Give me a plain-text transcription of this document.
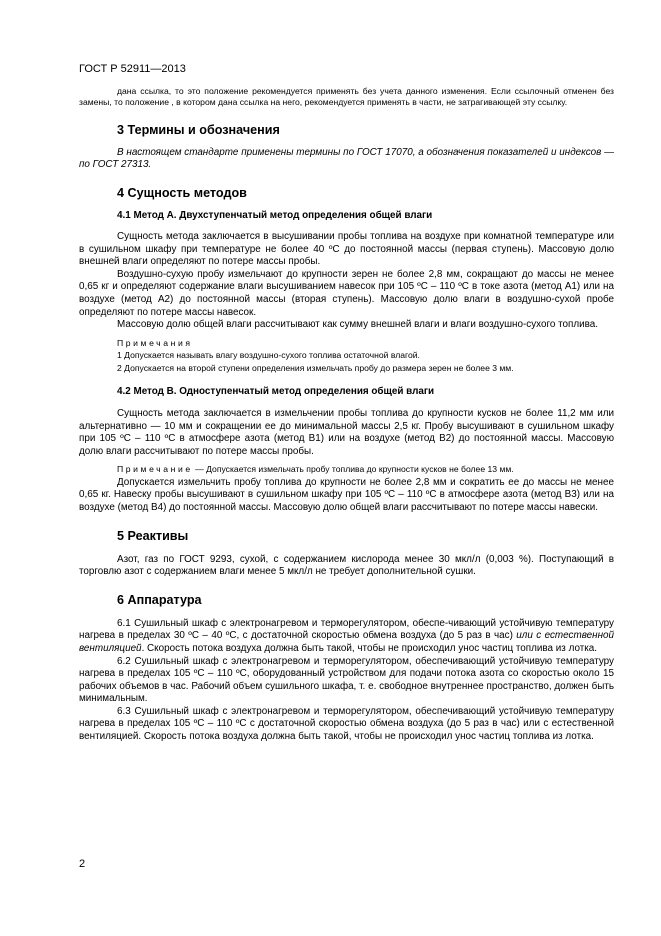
ГОСТ Р 52911—2013

дана ссылка, то это положение рекомендуется применять без учета данного изменения. Если ссылочный отменен без замены, то положение , в котором дана ссылка на него, рекомендуется применять в части, не затрагивающей эту ссылку.

3 Термины и обозначения

В настоящем стандарте применены термины по ГОСТ 17070, а обозначения показателей и индексов — по ГОСТ 27313.

4 Сущность методов
4.1 Метод А. Двухступенчатый метод определения общей влаги

Сущность метода заключается в высушивании пробы топлива на воздухе при комнатной температуре или в сушильном шкафу при температуре не более 40 ºС до постоянной массы (первая ступень). Массовую долю внешней влаги определяют по потере массы пробы.

Воздушно-сухую пробу измельчают до крупности зерен не более 2,8 мм, сокращают до массы не менее 0,65 кг и определяют содержание влаги высушиванием навесок при 105 ºС – 110 ºС в токе азота (метод А1) или на воздухе (метод А2) до постоянной массы (вторая ступень). Массовую долю влаги в воздушно-сухой пробе определяют по потере массы навесок.

Массовую долю общей влаги рассчитывают как сумму внешней влаги и влаги воздушно-сухого топлива.

Примечания

1 Допускается называть влагу воздушно-сухого топлива остаточной влагой.

2 Допускается на второй ступени определения измельчать пробу до размера зерен не более 3 мм.

4.2 Метод В. Одноступенчатый метод определения общей влаги

Сущность метода заключается в измельчении пробы топлива до крупности кусков не более 11,2 мм или альтернативно — 10 мм и сокращении ее до минимальной массы 2,5 кг. Пробу высушивают в сушильном шкафу при 105 ºС – 110 ºС в атмосфере азота (метод В1) или на воздухе (метод В2) до постоянной массы. Массовую долю влаги рассчитывают по потере массы пробы.

Примечание — Допускается измельчать пробу топлива до крупности кусков не более 13 мм.

Допускается измельчить пробу топлива до крупности не более 2,8 мм и сократить ее до массы не менее 0,65 кг. Навеску пробы высушивают в сушильном шкафу при 105 ºС – 110 ºС в атмосфере азота (метод В3) или на воздухе (метод В4) до постоянной массы. Массовую долю общей влаги рассчитывают по потере массы навески.

5 Реактивы

Азот, газ по ГОСТ 9293, сухой, с содержанием кислорода менее 30 мкл/л (0,003 %). Поступающий в торговлю азот с содержанием влаги менее 5 мкл/л не требует дополнительной сушки.

6 Аппаратура

6.1 Сушильный шкаф с электронагревом и терморегулятором, обеспе-чивающий устойчивую температуру нагрева в пределах 30 ºС – 40 ºС, с достаточной скоростью обмена воздуха (до 5 раз в час) или с естественной вентиляцией. Скорость потока воздуха должна быть такой, чтобы не происходил унос частиц топлива из лотка.

6.2 Сушильный шкаф с электронагревом и терморегулятором, обеспечивающий устойчивую температуру нагрева в пределах 105 ºС – 110 ºС, оборудованный устройством для подачи потока азота со скоростью около 15 рабочих объемов в час. Рабочий объем сушильного шкафа, т. е. свободное внутреннее пространство, должен быть минимальным.

6.3 Сушильный шкаф с электронагревом и терморегулятором, обеспечивающий устойчивую температуру нагрева в пределах 105 ºС – 110 ºС с достаточной скоростью обмена воздуха (до 5 раз в час) или с естественной вентиляцией. Скорость потока воздуха должна быть такой, чтобы не происходил унос частиц топлива из лотка.

2
